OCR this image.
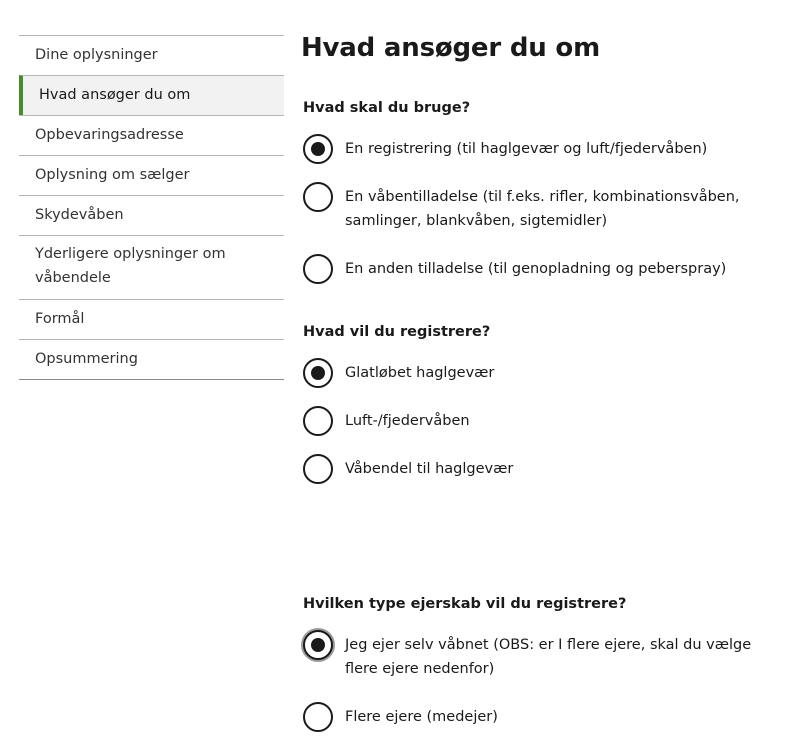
Dine oplysninger
Hvad ansøger du om
Opbevaringsadresse
Oplysning om sælger
Skydevåben
Yderligere oplysninger om våbendele
Formål
Opsummering
Hvad ansøger du om

Hvad skal du bruge?

En registrering (til haglgevær og luft/fjedervåben)
En våbentilladelse (til f.eks. rifler, kombinationsvåben, samlinger, blankvåben, sigtemidler)
En anden tilladelse (til genopladning og peberspray)

Hvad vil du registrere?

Glatløbet haglgevær
Luft-/fjedervåben
Våbendel til haglgevær

Hvilken type ejerskab vil du registrere?

Jeg ejer selv våbnet (OBS: er I flere ejere, skal du vælge flere ejere nedenfor)
Flere ejere (medejer)
